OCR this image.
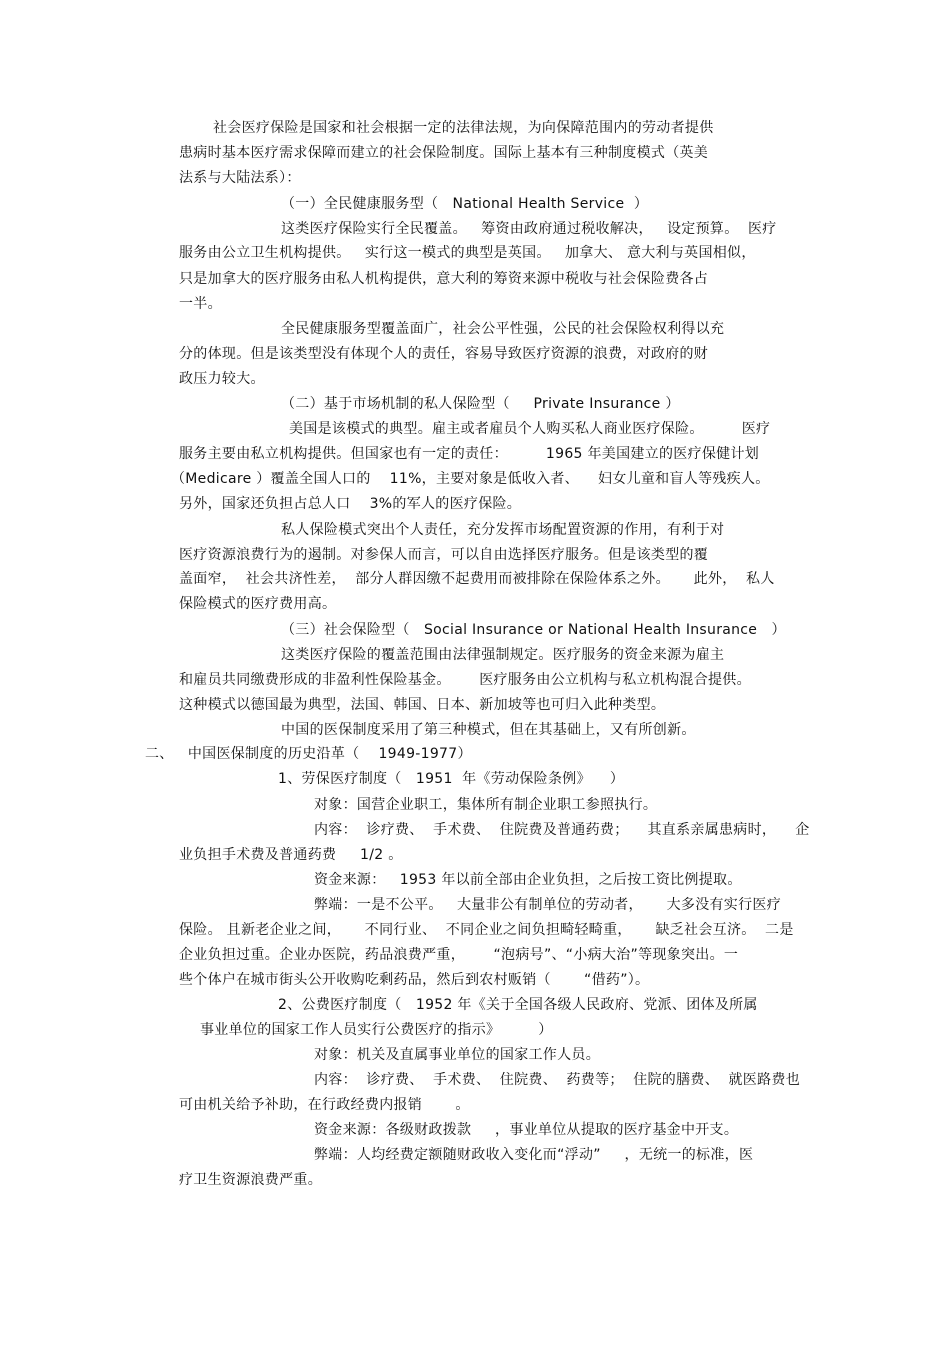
社会医疗保险是国家和社会根据一定的法律法规，为向保障范围内的劳动者提供
患病时基本医疗需求保障而建立的社会保险制度。国际上基本有三种制度模式（英美
法系与大陆法系）：
（一）全民健康服务型（   National Health Service  ）
这类医疗保险实行全民覆盖。   筹资由政府通过税收解决，   设定预算。  医疗
服务由公立卫生机构提供。   实行这一模式的典型是英国。   加拿大、 意大利与英国相似，
只是加拿大的医疗服务由私人机构提供，意大利的筹资来源中税收与社会保险费各占
一半。
全民健康服务型覆盖面广，社会公平性强，公民的社会保险权利得以充
分的体现。但是该类型没有体现个人的责任，容易导致医疗资源的浪费，对政府的财
政压力较大。
（二）基于市场机制的私人保险型（     Private Insurance ）
美国是该模式的典型。雇主或者雇员个人购买私人商业医疗保险。        医疗
服务主要由私立机构提供。但国家也有一定的责任：        1965 年美国建立的医疗保健计划
（Medicare ）覆盖全国人口的    11%，主要对象是低收入者、    妇女儿童和盲人等残疾人。
另外，国家还负担占总人口    3%的军人的医疗保险。
私人保险模式突出个人责任，充分发挥市场配置资源的作用，有利于对
医疗资源浪费行为的遏制。对参保人而言，可以自由选择医疗服务。但是该类型的覆
盖面窄，  社会共济性差，  部分人群因缴不起费用而被排除在保险体系之外。     此外，  私人
保险模式的医疗费用高。
（三）社会保险型（   Social Insurance or National Health Insurance   ）
这类医疗保险的覆盖范围由法律强制规定。医疗服务的资金来源为雇主
和雇员共同缴费形成的非盈利性保险基金。      医疗服务由公立机构与私立机构混合提供。
这种模式以德国最为典型，法国、韩国、日本、新加坡等也可归入此种类型。
中国的医保制度采用了第三种模式，但在其基础上，又有所创新。
二、   中国医保制度的历史沿革（    1949-1977）
1、劳保医疗制度（   1951  年《劳动保险条例》    ）
对象：国营企业职工，集体所有制企业职工参照执行。
内容：  诊疗费、  手术费、  住院费及普通药费；    其直系亲属患病时，    企
业负担手术费及普通药费     1/2 。
资金来源：   1953 年以前全部由企业负担，之后按工资比例提取。
弊端：一是不公平。   大量非公有制单位的劳动者，     大多没有实行医疗
保险。 且新老企业之间，     不同行业、  不同企业之间负担畸轻畸重，     缺乏社会互济。  二是
企业负担过重。企业办医院，药品浪费严重，      “泡病号”、“小病大治”等现象突出。一
些个体户在城市街头公开收购吃剩药品，然后到农村贩销（       “借药”）。
2、公费医疗制度（   1952 年《关于全国各级人民政府、党派、团体及所属
事业单位的国家工作人员实行公费医疗的指示》        ）
对象：机关及直属事业单位的国家工作人员。
内容：  诊疗费、  手术费、  住院费、  药费等；  住院的膳费、  就医路费也
可由机关给予补助，在行政经费内报销       。
资金来源：各级财政拨款     ，事业单位从提取的医疗基金中开支。
弊端：人均经费定额随财政收入变化而“浮动”     ，无统一的标准，医
疗卫生资源浪费严重。
